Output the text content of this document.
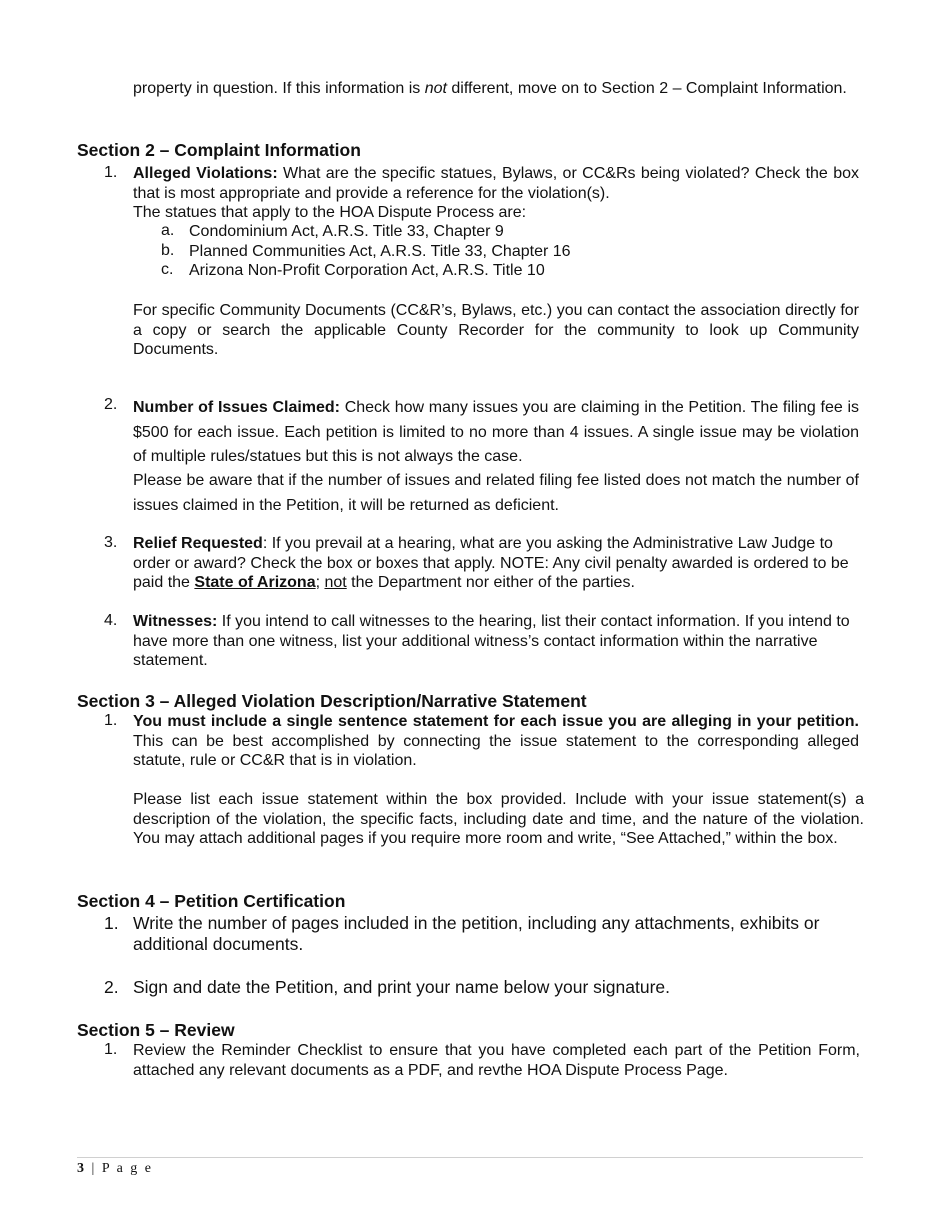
property in question. If this information is not different, move on to Section 2 – Complaint Information.
Section 2 – Complaint Information
1. Alleged Violations: What are the specific statues, Bylaws, or CC&Rs being violated? Check the box that is most appropriate and provide a reference for the violation(s).
The statues that apply to the HOA Dispute Process are:
a. Condominium Act, A.R.S. Title 33, Chapter 9
b. Planned Communities Act, A.R.S. Title 33, Chapter 16
c. Arizona Non-Profit Corporation Act, A.R.S. Title 10
For specific Community Documents (CC&R’s, Bylaws, etc.) you can contact the association directly for a copy or search the applicable County Recorder for the community to look up Community Documents.
2. Number of Issues Claimed: Check how many issues you are claiming in the Petition. The filing fee is $500 for each issue. Each petition is limited to no more than 4 issues. A single issue may be violation of multiple rules/statues but this is not always the case.
Please be aware that if the number of issues and related filing fee listed does not match the number of issues claimed in the Petition, it will be returned as deficient.
3. Relief Requested: If you prevail at a hearing, what are you asking the Administrative Law Judge to order or award? Check the box or boxes that apply. NOTE: Any civil penalty awarded is ordered to be paid the State of Arizona; not the Department nor either of the parties.
4. Witnesses: If you intend to call witnesses to the hearing, list their contact information. If you intend to have more than one witness, list your additional witness’s contact information within the narrative statement.
Section 3 – Alleged Violation Description/Narrative Statement
1. You must include a single sentence statement for each issue you are alleging in your petition. This can be best accomplished by connecting the issue statement to the corresponding alleged statute, rule or CC&R that is in violation.
Please list each issue statement within the box provided. Include with your issue statement(s) a description of the violation, the specific facts, including date and time, and the nature of the violation. You may attach additional pages if you require more room and write, “See Attached,” within the box.
Section 4 – Petition Certification
1. Write the number of pages included in the petition, including any attachments, exhibits or additional documents.
2. Sign and date the Petition, and print your name below your signature.
Section 5 – Review
1. Review the Reminder Checklist to ensure that you have completed each part of the Petition Form, attached any relevant documents as a PDF, and revthe HOA Dispute Process Page.
3 | P a g e
